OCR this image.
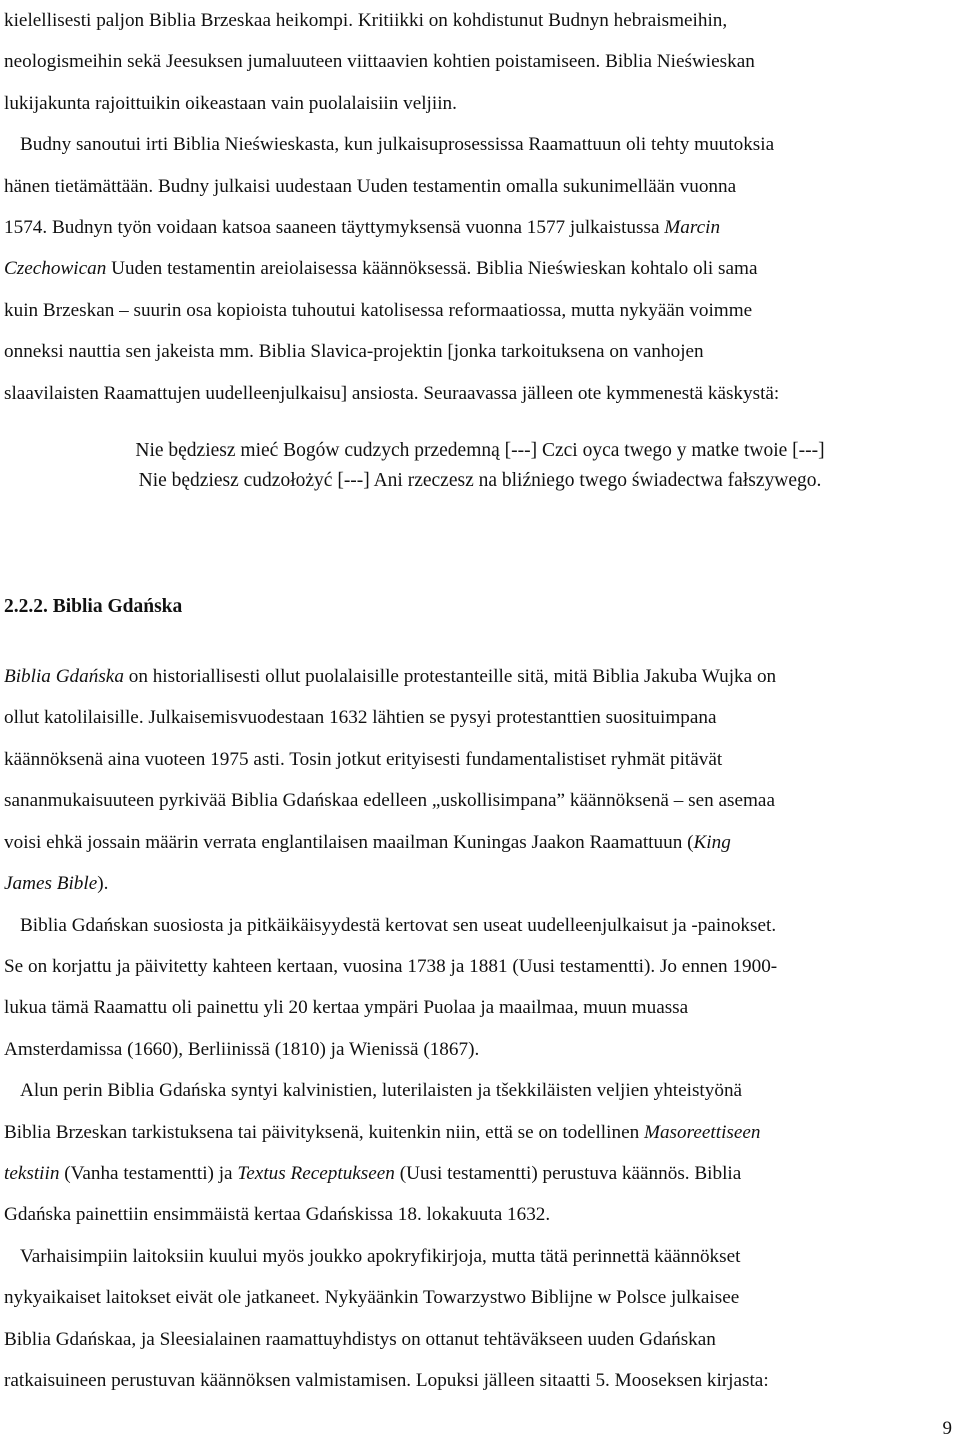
kielellisesti paljon Biblia Brzeskaa heikompi. Kritiikki on kohdistunut Budnyn hebraismeihin,
neologismeihin sekä Jeesuksen jumaluuteen viittaavien kohtien poistamiseen. Biblia Nieświeskan
lukijakunta rajoittuikin oikeastaan vain puolalaisiin veljiin.

Budny sanoutui irti Biblia Nieświeskasta, kun julkaisuprosessissa Raamattuun oli tehty muutoksia
hänen tietämättään. Budny julkaisi uudestaan Uuden testamentin omalla sukunimellään vuonna
1574. Budnyn työn voidaan katsoa saaneen täyttymyksensä vuonna 1577 julkaistussa Marcin
Czechowican Uuden testamentin areiolaisessa käännöksessä. Biblia Nieświeskan kohtalo oli sama
kuin Brzeskan – suurin osa kopioista tuhoutui katolisessa reformaatiossa, mutta nykyään voimme
onneksi nauttia sen jakeista mm. Biblia Slavica-projektin [jonka tarkoituksena on vanhojen
slaavilaisten Raamattujen uudelleenjulkaisu] ansiosta. Seuraavassa jälleen ote kymmenestä käskystä:

Nie będziesz mieć Bogów cudzych przedemną [---] Czci oyca twego y matke twoie [---]
Nie będziesz cudzołożyć [---] Ani rzeczesz na bliźniego twego świadectwa fałszywego.
2.2.2. Biblia Gdańska

Biblia Gdańska on historiallisesti ollut puolalaisille protestanteille sitä, mitä Biblia Jakuba Wujka on
ollut katolilaisille. Julkaisemisvuodestaan 1632 lähtien se pysyi protestanttien suosituimpana
käännöksenä aina vuoteen 1975 asti. Tosin jotkut erityisesti fundamentalistiset ryhmät pitävät
sananmukaisuuteen pyrkivää Biblia Gdańskaa edelleen „uskollisimpana” käännöksenä – sen asemaa
voisi ehkä jossain määrin verrata englantilaisen maailman Kuningas Jaakon Raamattuun (King
James Bible).

Biblia Gdańskan suosiosta ja pitkäikäisyydestä kertovat sen useat uudelleenjulkaisut ja -painokset.
Se on korjattu ja päivitetty kahteen kertaan, vuosina 1738 ja 1881 (Uusi testamentti). Jo ennen 1900-
lukua tämä Raamattu oli painettu yli 20 kertaa ympäri Puolaa ja maailmaa, muun muassa
Amsterdamissa (1660), Berliinissä (1810) ja Wienissä (1867).

Alun perin Biblia Gdańska syntyi kalvinistien, luterilaisten ja tšekkiläisten veljien yhteistyönä
Biblia Brzeskan tarkistuksena tai päivityksenä, kuitenkin niin, että se on todellinen Masoreettiseen
tekstiin (Vanha testamentti) ja Textus Receptukseen (Uusi testamentti) perustuva käännös. Biblia
Gdańska painettiin ensimmäistä kertaa Gdańskissa 18. lokakuuta 1632.

Varhaisimpiin laitoksiin kuului myös joukko apokryfikirjoja, mutta tätä perinnettä käännökset
nykyaikaiset laitokset eivät ole jatkaneet. Nykyäänkin Towarzystwo Biblijne w Polsce julkaisee
Biblia Gdańskaa, ja Sleesialainen raamattuyhdistys on ottanut tehtäväkseen uuden Gdańskan
ratkaisuineen perustuvan käännöksen valmistamisen. Lopuksi jälleen sitaatti 5. Mooseksen kirjasta:

9
